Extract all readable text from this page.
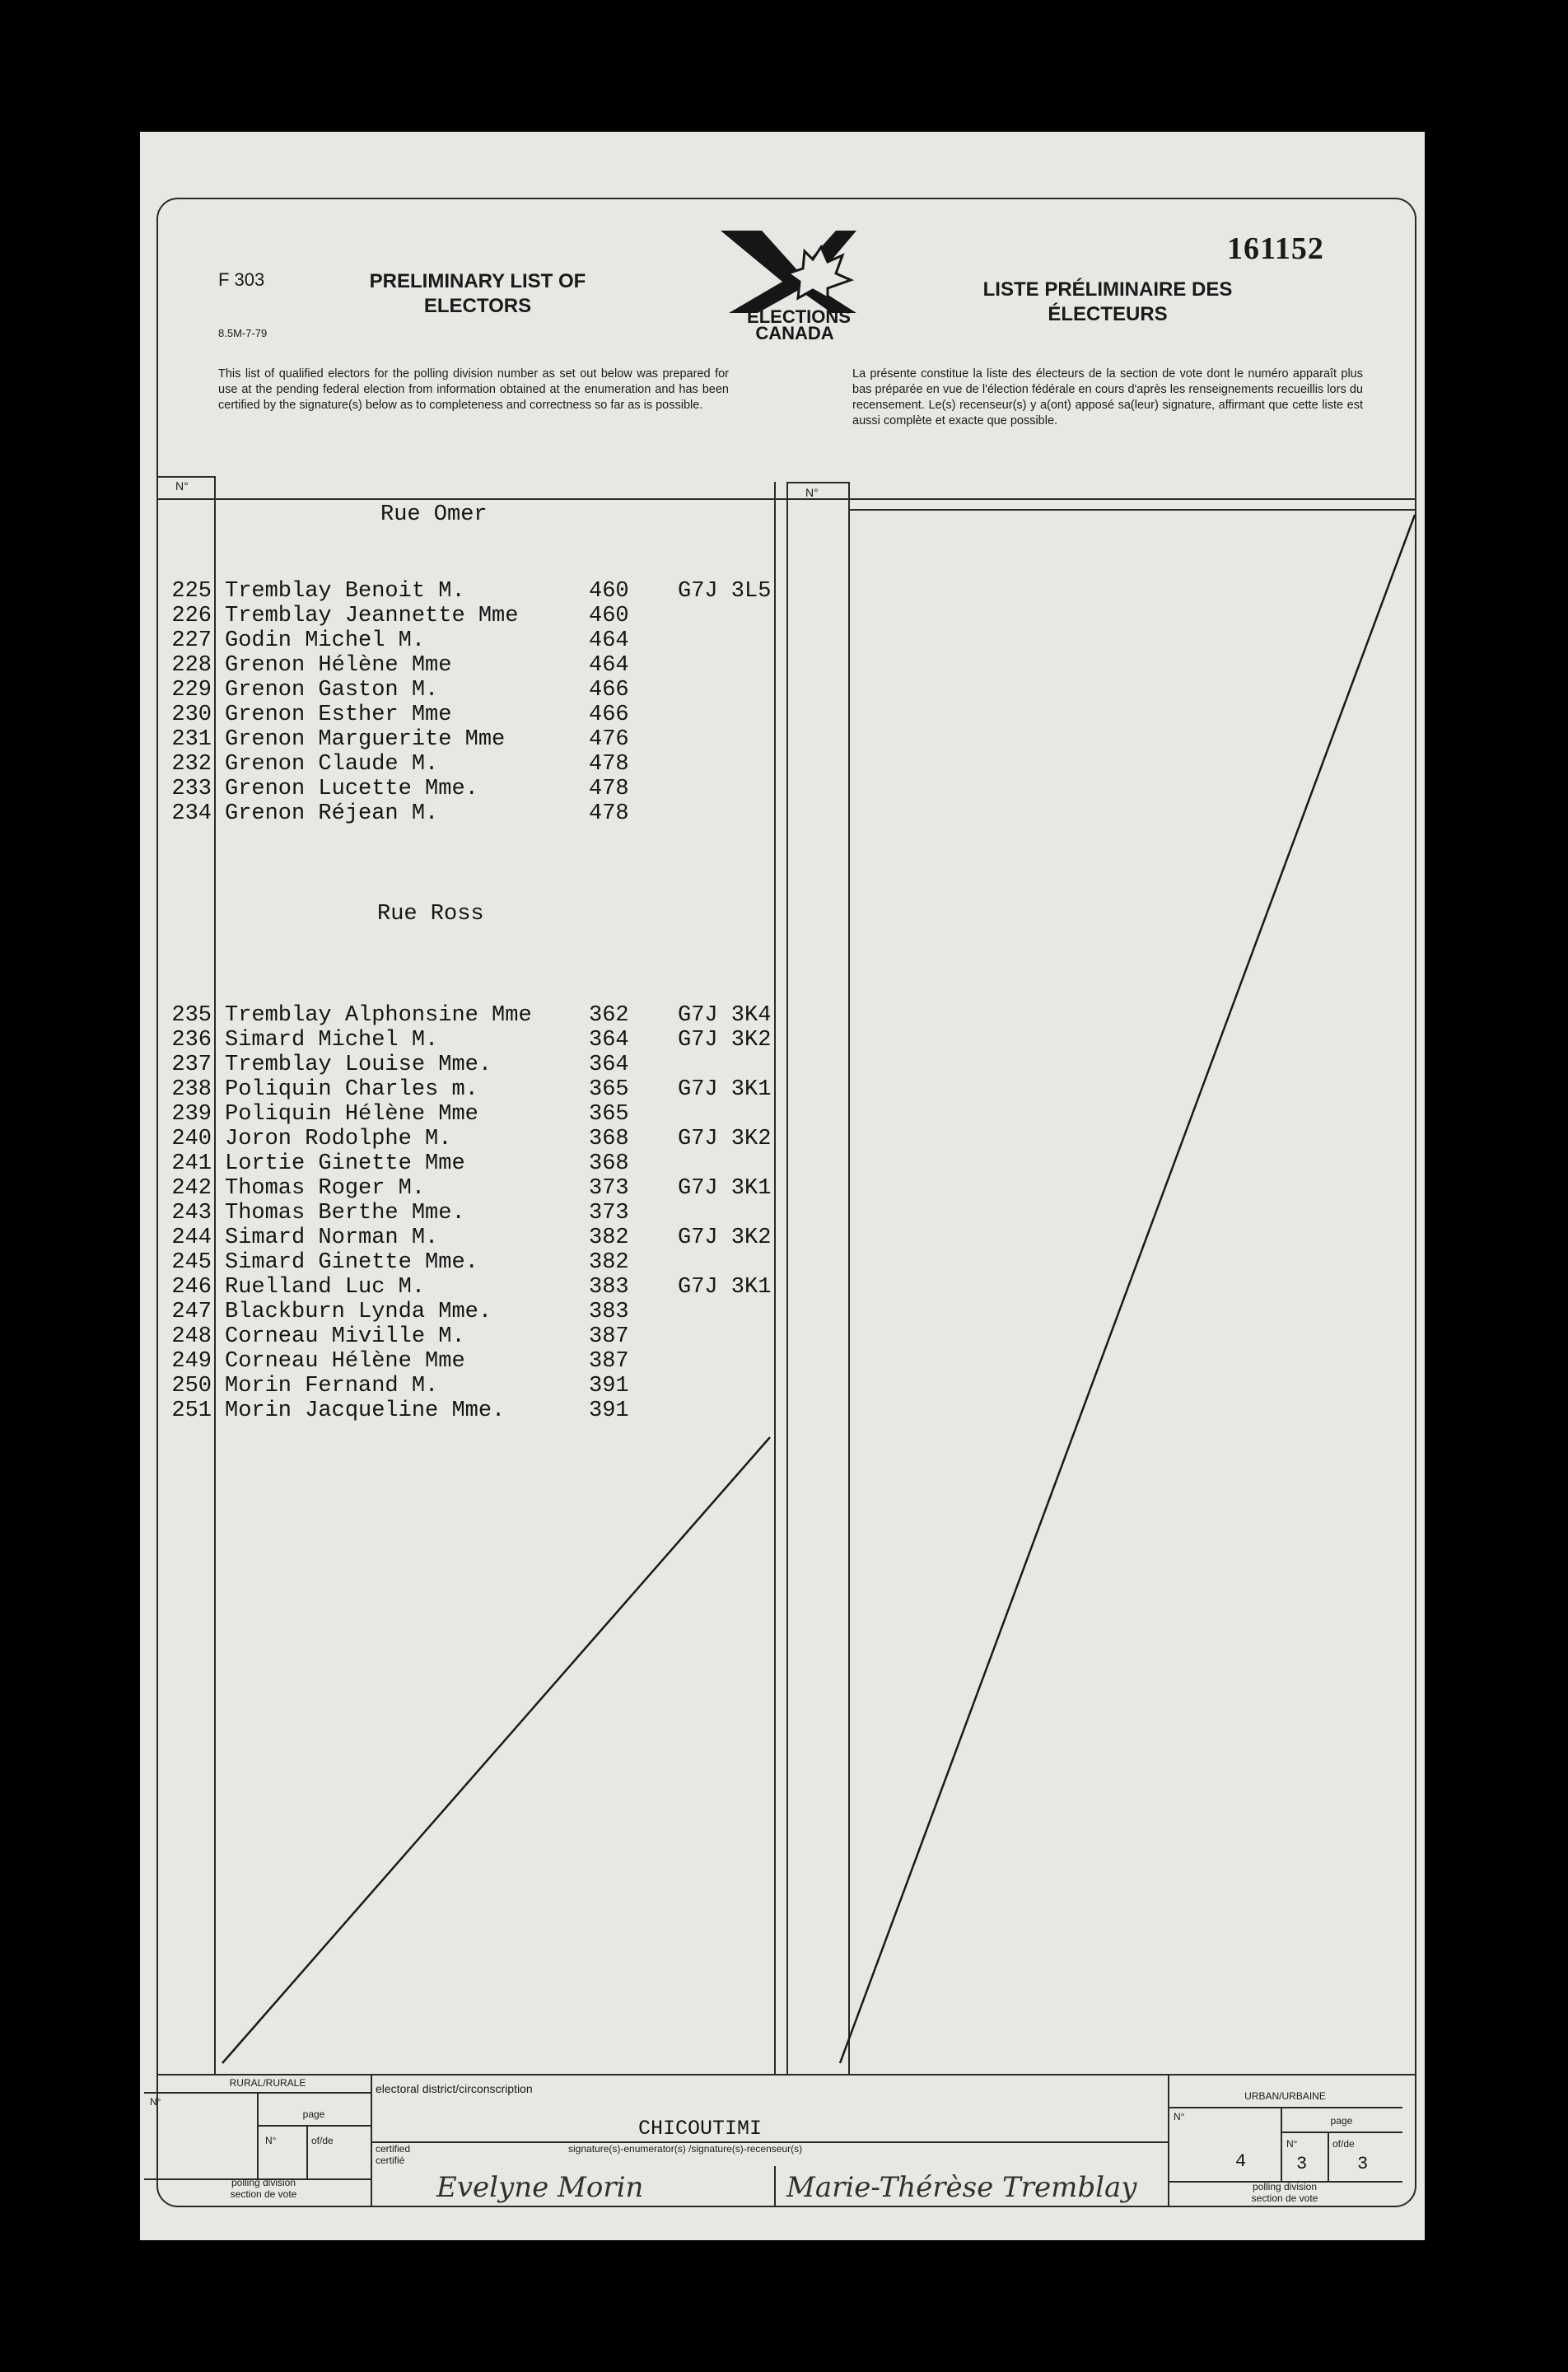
F 303
8.5M-7-79
PRELIMINARY LIST OF ELECTORS	ELECTIONS
CANADA
LISTE PRÉLIMINAIRE DES ÉLECTEURS
161152
This list of qualified electors for the polling division number as set out below was prepared for use at the pending federal election from information obtained at the enumeration and has been certified by the signature(s) below as to completeness and correctness so far as is possible.
La présente constitue la liste des électeurs de la section de vote dont le numéro apparaît plus bas préparée en vue de l'élection fédérale en cours d'après les renseignements recueillis lors du recensement. Le(s) recenseur(s) y a(ont) apposé sa(leur) signature, affirmant que cette liste est aussi complète et exacte que possible.
N°	N°
Rue Omer
225 Tremblay Benoit M.	460 G7J 3L5
226 Tremblay Jeannette Mme	460
227 Godin Michel M.	464
228 Grenon Hélène Mme	464
229 Grenon Gaston M.	466
230 Grenon Esther Mme	466
231 Grenon Marguerite Mme	476
232 Grenon Claude M.	478
233 Grenon Lucette Mme.	478
234 Grenon Réjean M.	478
Rue Ross
235 Tremblay Alphonsine Mme	362 G7J 3K4
236 Simard Michel M.	364 G7J 3K2
237 Tremblay Louise Mme.	364
238 Poliquin Charles m.	365 G7J 3K1
239 Poliquin Hélène Mme	365
240 Joron Rodolphe M.	368 G7J 3K2
241 Lortie Ginette Mme	368
242 Thomas Roger M.	373 G7J 3K1
243 Thomas Berthe Mme.	373
244 Simard Norman M.	382 G7J 3K2
245 Simard Ginette Mme.	382
246 Ruelland Luc M.	383 G7J 3K1
247 Blackburn Lynda Mme.	383
248 Corneau Miville M.	387
249 Corneau Hélène Mme	387
250 Morin Fernand M.	391
251 Morin Jacqueline Mme.	391
RURAL/RURALE
N°
page
N°	of/de
polling division
section de vote
electoral district/circonscription
CHICOUTIMI
certified
certifié
signature(s)-enumerator(s) /signature(s)-recenseur(s)
Evelyne Morin	Marie-Thérèse Tremblay
URBAN/URBAINE
N°	page
N°	of/de
4	3	3
polling division
section de vote
